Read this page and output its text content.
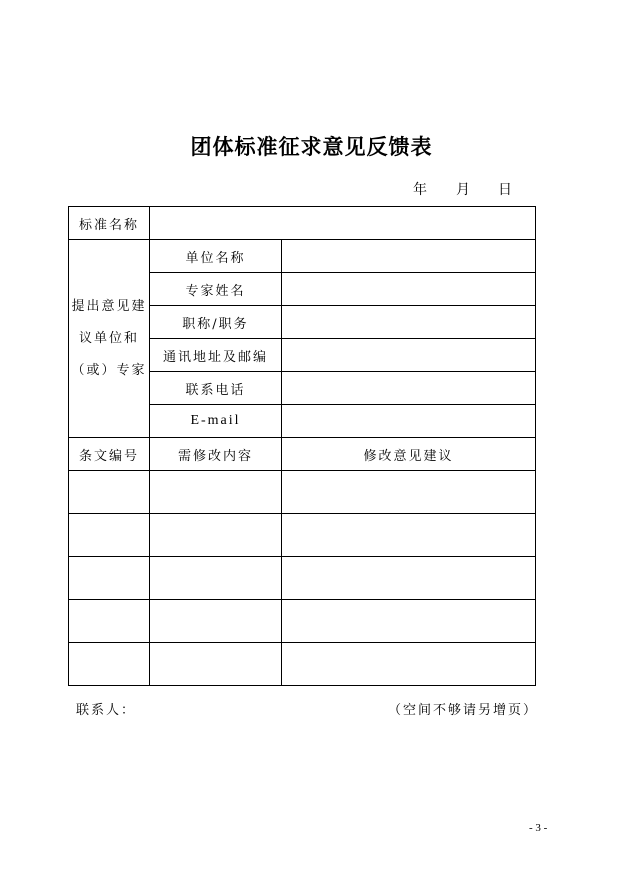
团体标准征求意见反馈表
年 月 日
标准名称		
提出意见建议单位和（或）专家	单位名称	
	专家姓名	
	职称/职务	
	通讯地址及邮编	
	联系电话	
	E-mail	
条文编号	需修改内容	修改意见建议

联系人：	（空间不够请另增页）
- 3 -
